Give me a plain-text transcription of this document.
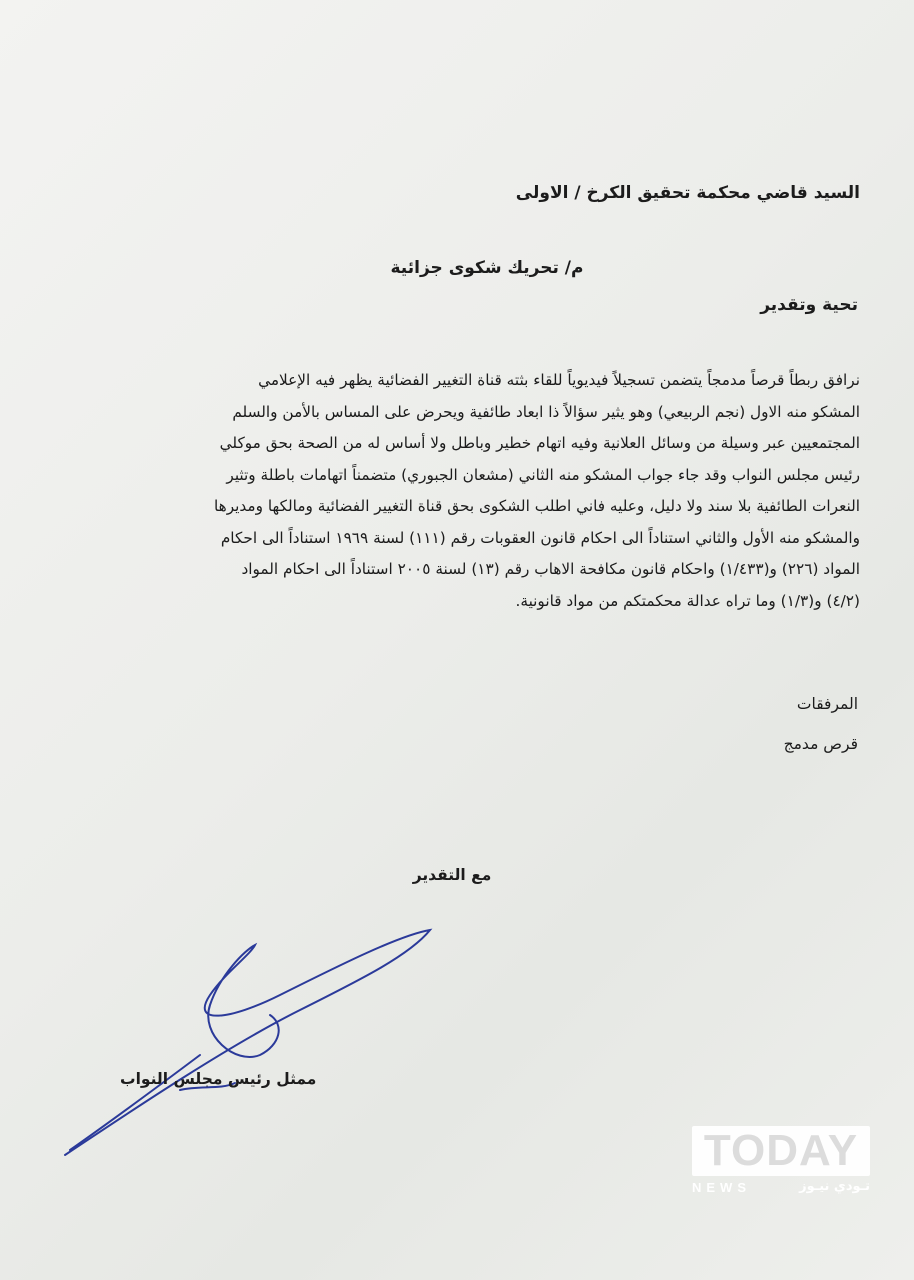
السيد قاضي محكمة تحقيق الكرخ / الاولى
م/ تحريك شكوى جزائية
تحية وتقدير

نرافق ربطاً قرصاً مدمجاً يتضمن تسجيلاً فيديوياً للقاء بثته قناة التغيير الفضائية يظهر فيه الإعلامي

المشكو منه الاول (نجم الربيعي) وهو يثير سؤالاً ذا ابعاد طائفية ويحرض على المساس بالأمن والسلم

المجتمعيين عبر وسيلة من وسائل العلانية وفيه اتهام خطير وباطل ولا أساس له من الصحة بحق موكلي

رئيس مجلس النواب وقد جاء جواب المشكو منه الثاني (مشعان الجبوري) متضمناً اتهامات باطلة وتثير

النعرات الطائفية بلا سند ولا دليل، وعليه فاني اطلب الشكوى بحق قناة التغيير الفضائية ومالكها ومديرها

والمشكو منه الأول والثاني استناداً الى احكام قانون العقوبات رقم (١١١) لسنة ١٩٦٩ استناداً الى احكام

المواد (٢٢٦) و(١/٤٣٣) واحكام قانون مكافحة الاهاب رقم (١٣) لسنة ٢٠٠٥ استناداً الى احكام المواد

(٤/٢) و(١/٣) وما تراه عدالة محكمتكم من مواد قانونية.

المرفقات
قرص مدمج
مع التقدير
ممثل رئيس مجلس النواب
TODAY
NEWS	تـودي نيـوز
